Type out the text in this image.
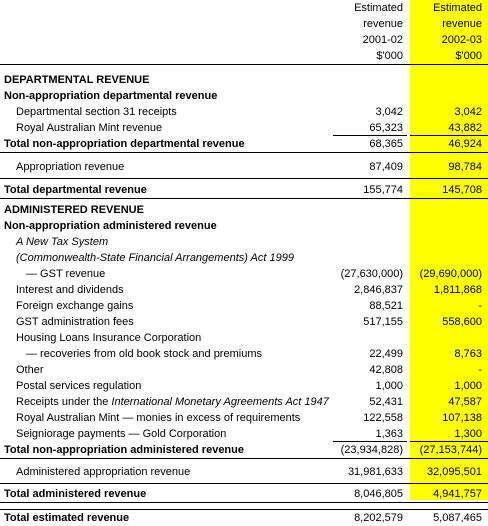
Estimated	Estimated
revenue	revenue
2001-02	2002-03
$'000	$'000
DEPARTMENTAL REVENUE
Non-appropriation departmental revenue
Departmental section 31 receipts	3,042	3,042
Royal Australian Mint revenue	65,323	43,882
Total non-appropriation departmental revenue	68,365	46,924
Appropriation revenue	87,409	98,784
Total departmental revenue	155,774	145,708
ADMINISTERED REVENUE
Non-appropriation administered revenue
A New Tax System
(Commonwealth-State Financial Arrangements) Act 1999
— GST revenue	(27,630,000) (29,690,000)
Interest and dividends	2,846,837	1,811,868
Foreign exchange gains	88,521	-
GST administration fees	517,155	558,600
Housing Loans Insurance Corporation
— recoveries from old book stock and premiums	22,499	8,763
Other	42,808	-
Postal services regulation	1,000	1,000
Receipts under the International Monetary Agreements Act 1947	52,431	47,587
Royal Australian Mint — monies in excess of requirements	122,558	107,138
Seigniorage payments — Gold Corporation	1,363	1,300
Total non-appropriation administered revenue	(23,934,828) (27,153,744)
Administered appropriation revenue	31,981,633 32,095,501
Total administered revenue	8,046,805	4,941,757
Total estimated revenue	8,202,579	5,087,465
